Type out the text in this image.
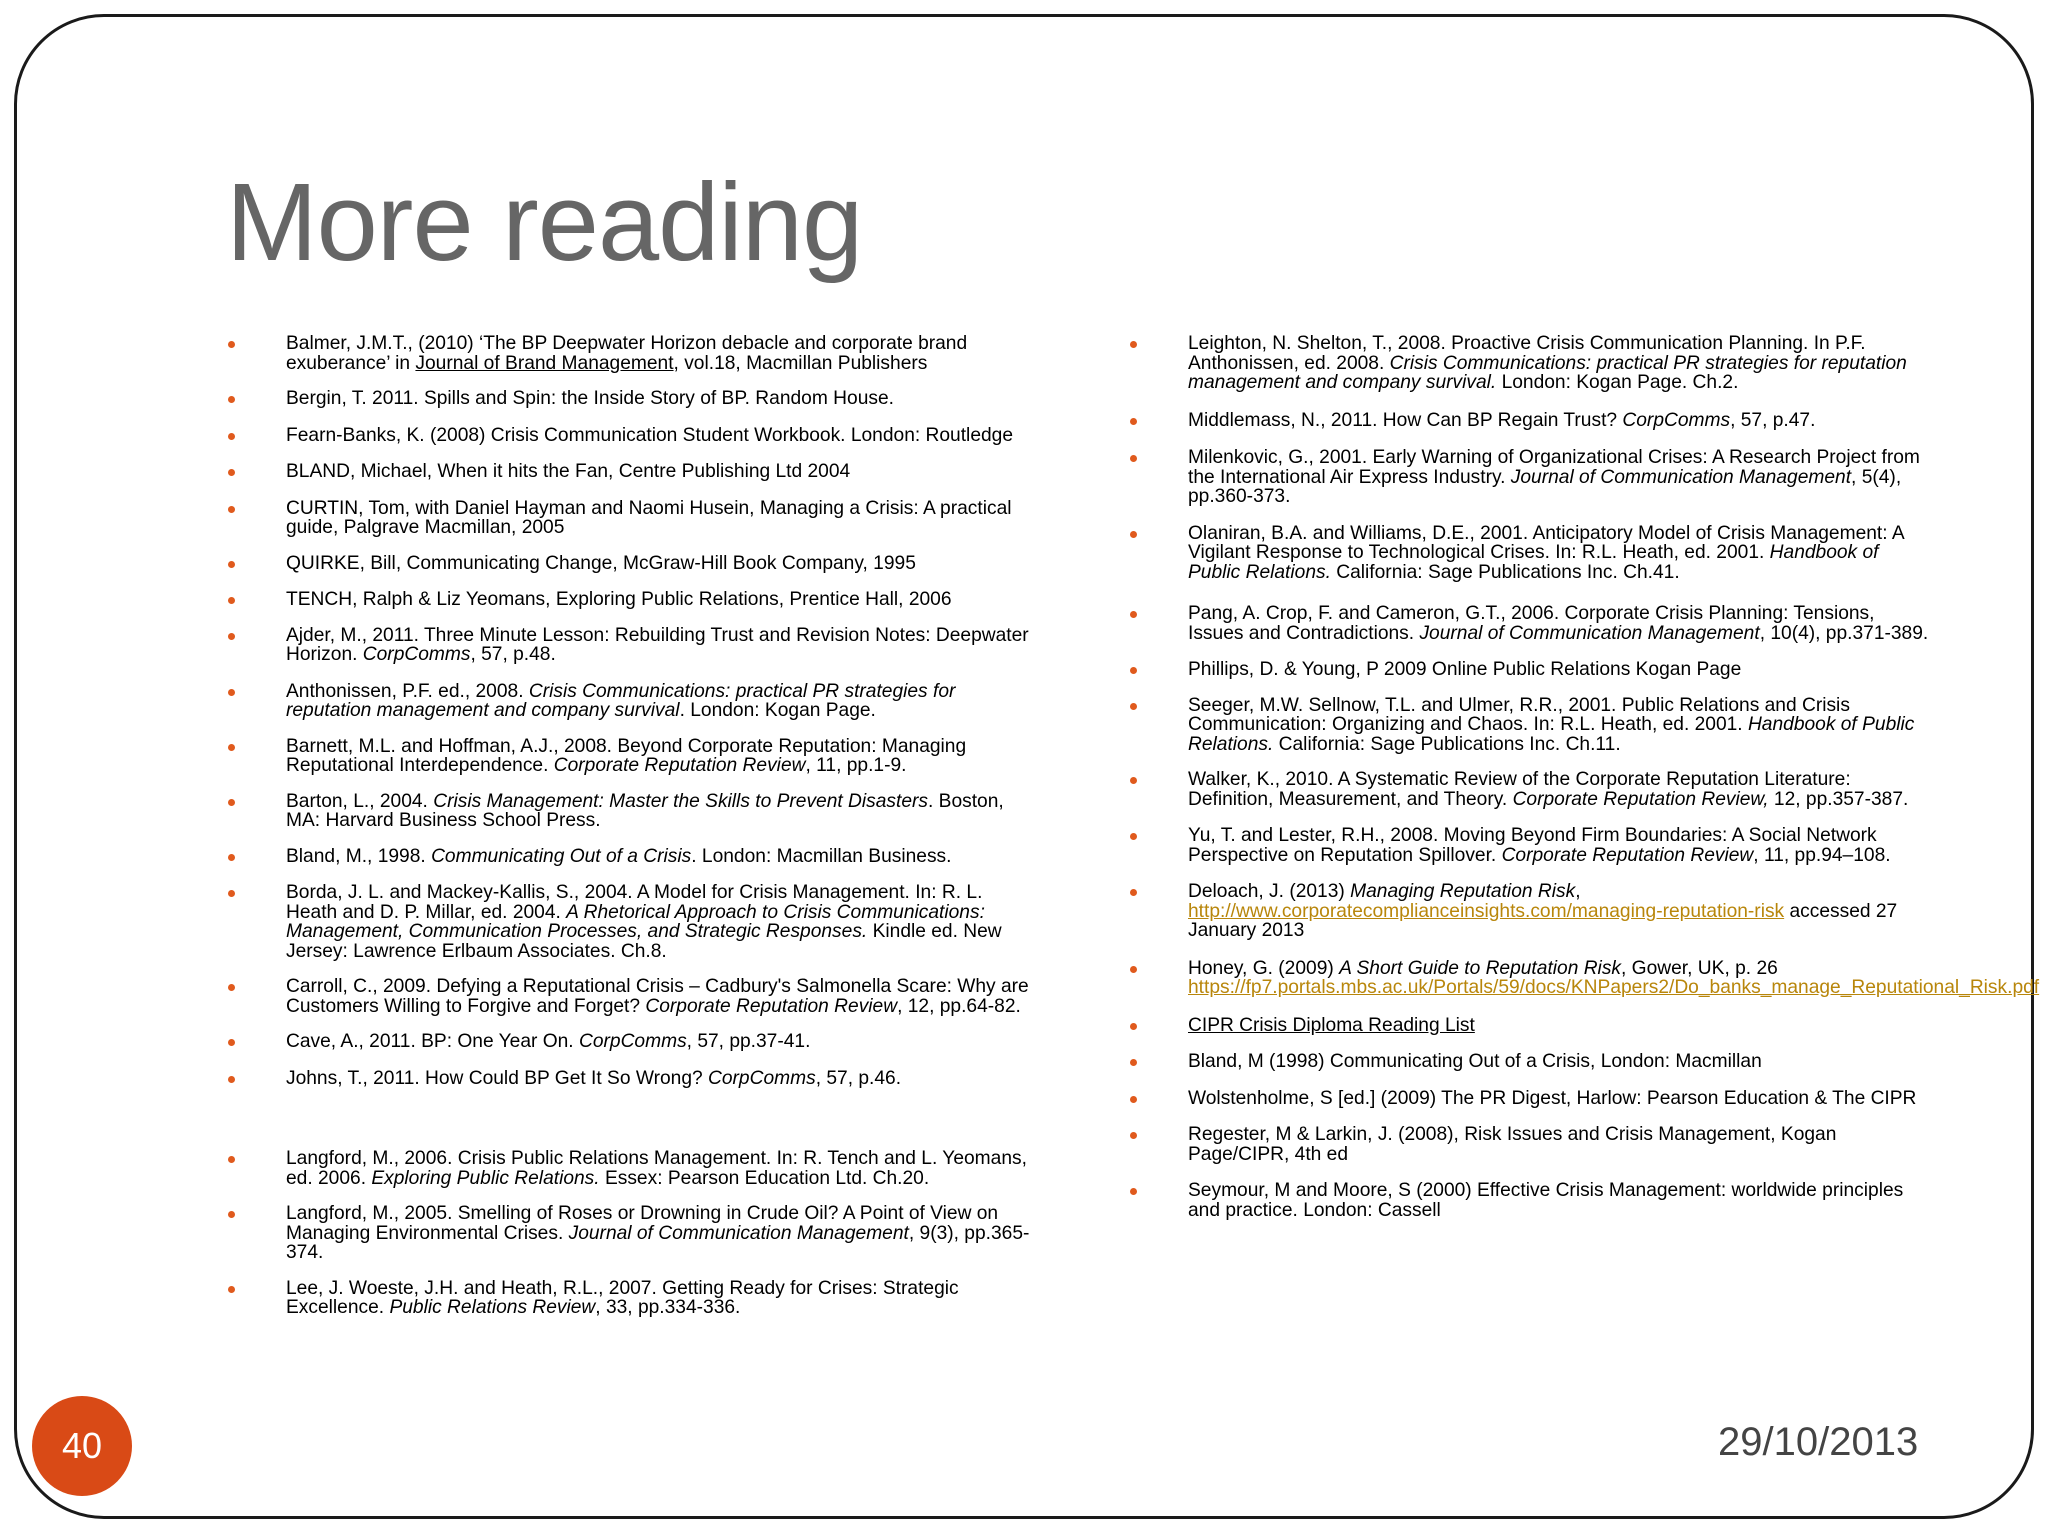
More reading
Balmer, J.M.T., (2010) ‘The BP Deepwater Horizon debacle and corporate brand exuberance’ in Journal of Brand Management, vol.18, Macmillan Publishers
Bergin, T. 2011. Spills and Spin: the Inside Story of BP. Random House.
Fearn-Banks, K. (2008) Crisis Communication Student Workbook. London: Routledge
BLAND, Michael, When it hits the Fan, Centre Publishing Ltd 2004
CURTIN, Tom, with Daniel Hayman and Naomi Husein, Managing a Crisis: A practical guide, Palgrave Macmillan, 2005
QUIRKE, Bill, Communicating Change, McGraw-Hill Book Company, 1995
TENCH, Ralph & Liz Yeomans, Exploring Public Relations, Prentice Hall, 2006
Ajder, M., 2011. Three Minute Lesson: Rebuilding Trust and Revision Notes: Deepwater Horizon. CorpComms, 57, p.48.
Anthonissen, P.F. ed., 2008. Crisis Communications: practical PR strategies for reputation management and company survival. London: Kogan Page.
Barnett, M.L. and Hoffman, A.J., 2008. Beyond Corporate Reputation: Managing Reputational Interdependence. Corporate Reputation Review, 11, pp.1-9.
Barton, L., 2004. Crisis Management: Master the Skills to Prevent Disasters. Boston, MA: Harvard Business School Press.
Bland, M., 1998. Communicating Out of a Crisis. London: Macmillan Business.
Borda, J. L. and Mackey-Kallis, S., 2004. A Model for Crisis Management. In: R. L. Heath and D. P. Millar, ed. 2004. A Rhetorical Approach to Crisis Communications: Management, Communication Processes, and Strategic Responses. Kindle ed. New Jersey: Lawrence Erlbaum Associates. Ch.8.
Carroll, C., 2009. Defying a Reputational Crisis – Cadbury's Salmonella Scare: Why are Customers Willing to Forgive and Forget? Corporate Reputation Review, 12, pp.64-82.
Cave, A., 2011. BP: One Year On. CorpComms, 57, pp.37-41.
Johns, T., 2011. How Could BP Get It So Wrong? CorpComms, 57, p.46.
Langford, M., 2006. Crisis Public Relations Management. In: R. Tench and L. Yeomans, ed. 2006. Exploring Public Relations. Essex: Pearson Education Ltd. Ch.20.
Langford, M., 2005. Smelling of Roses or Drowning in Crude Oil? A Point of View on Managing Environmental Crises. Journal of Communication Management, 9(3), pp.365-374.
Lee, J. Woeste, J.H. and Heath, R.L., 2007. Getting Ready for Crises: Strategic Excellence. Public Relations Review, 33, pp.334-336.
Leighton, N. Shelton, T., 2008. Proactive Crisis Communication Planning. In P.F. Anthonissen, ed. 2008. Crisis Communications: practical PR strategies for reputation management and company survival. London: Kogan Page. Ch.2.
Middlemass, N., 2011. How Can BP Regain Trust? CorpComms, 57, p.47.
Milenkovic, G., 2001. Early Warning of Organizational Crises: A Research Project from the International Air Express Industry. Journal of Communication Management, 5(4), pp.360-373.
Olaniran, B.A. and Williams, D.E., 2001. Anticipatory Model of Crisis Management: A Vigilant Response to Technological Crises. In: R.L. Heath, ed. 2001. Handbook of Public Relations. California: Sage Publications Inc. Ch.41.
Pang, A. Crop, F. and Cameron, G.T., 2006. Corporate Crisis Planning: Tensions, Issues and Contradictions. Journal of Communication Management, 10(4), pp.371-389.
Phillips, D. & Young, P 2009 Online Public Relations Kogan Page
Seeger, M.W. Sellnow, T.L. and Ulmer, R.R., 2001. Public Relations and Crisis Communication: Organizing and Chaos. In: R.L. Heath, ed. 2001. Handbook of Public Relations. California: Sage Publications Inc. Ch.11.
Walker, K., 2010. A Systematic Review of the Corporate Reputation Literature: Definition, Measurement, and Theory. Corporate Reputation Review, 12, pp.357-387.
Yu, T. and Lester, R.H., 2008. Moving Beyond Firm Boundaries: A Social Network Perspective on Reputation Spillover. Corporate Reputation Review, 11, pp.94–108.
Deloach, J. (2013) Managing Reputation Risk, http://www.corporatecomplianceinsights.com/managing-reputation-risk accessed 27 January 2013
Honey, G. (2009) A Short Guide to Reputation Risk, Gower, UK, p. 26 https://fp7.portals.mbs.ac.uk/Portals/59/docs/KNPapers2/Do_banks_manage_Reputational_Risk.pdf
CIPR Crisis Diploma Reading List
Bland, M (1998) Communicating Out of a Crisis, London: Macmillan
Wolstenholme, S [ed.] (2009) The PR Digest, Harlow: Pearson Education & The CIPR
Regester, M & Larkin, J. (2008), Risk Issues and Crisis Management, Kogan Page/CIPR, 4th ed
Seymour, M and Moore, S (2000) Effective Crisis Management: worldwide principles and practice. London: Cassell
40	29/10/2013
